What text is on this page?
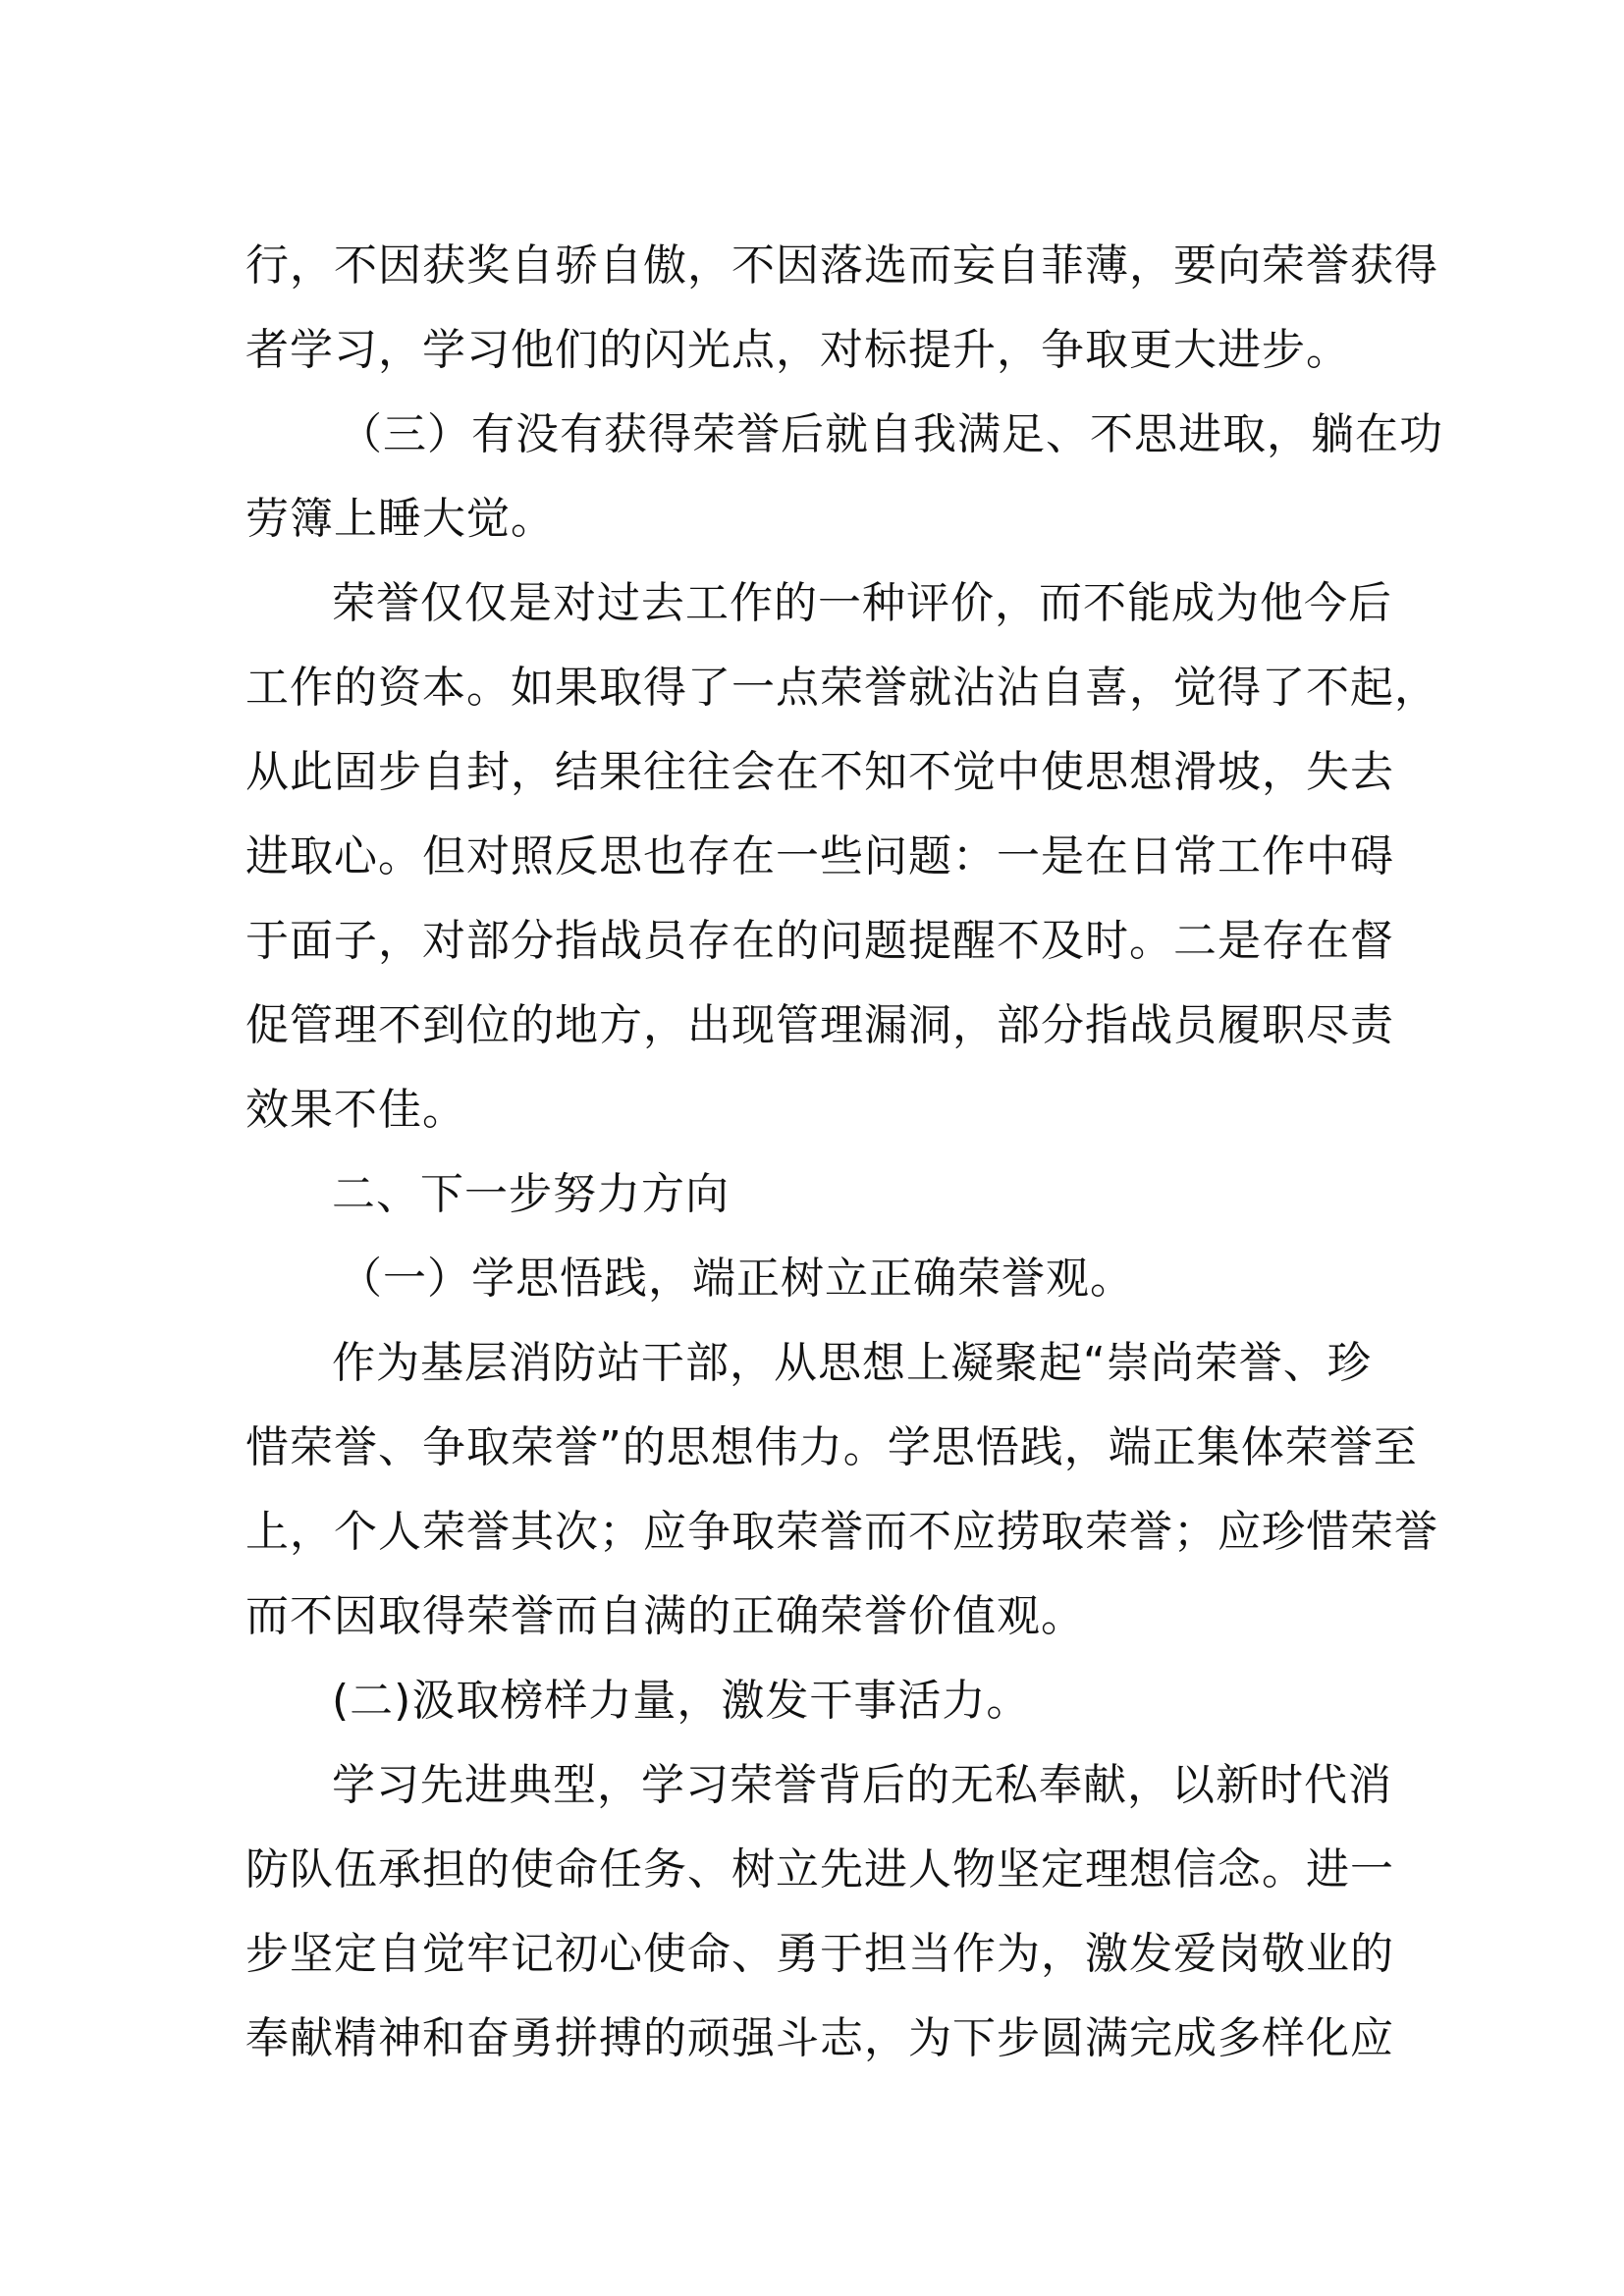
行，不因获奖自骄自傲，不因落选而妄自菲薄，要向荣誉获得
者学习，学习他们的闪光点，对标提升，争取更大进步。
（三）有没有获得荣誉后就自我满足、不思进取，躺在功
劳簿上睡大觉。
荣誉仅仅是对过去工作的一种评价，而不能成为他今后
工作的资本。如果取得了一点荣誉就沾沾自喜，觉得了不起，
从此固步自封，结果往往会在不知不觉中使思想滑坡，失去
进取心。但对照反思也存在一些问题：一是在日常工作中碍
于面子，对部分指战员存在的问题提醒不及时。二是存在督
促管理不到位的地方，出现管理漏洞，部分指战员履职尽责
效果不佳。
二、下一步努力方向
（一）学思悟践，端正树立正确荣誉观。
作为基层消防站干部，从思想上凝聚起“崇尚荣誉、珍
惜荣誉、争取荣誉”的思想伟力。学思悟践，端正集体荣誉至
上，个人荣誉其次；应争取荣誉而不应捞取荣誉；应珍惜荣誉
而不因取得荣誉而自满的正确荣誉价值观。
(二)汲取榜样力量，激发干事活力。
学习先进典型，学习荣誉背后的无私奉献，以新时代消
防队伍承担的使命任务、树立先进人物坚定理想信念。进一
步坚定自觉牢记初心使命、勇于担当作为，激发爱岗敬业的
奉献精神和奋勇拼搏的顽强斗志，为下步圆满完成多样化应
